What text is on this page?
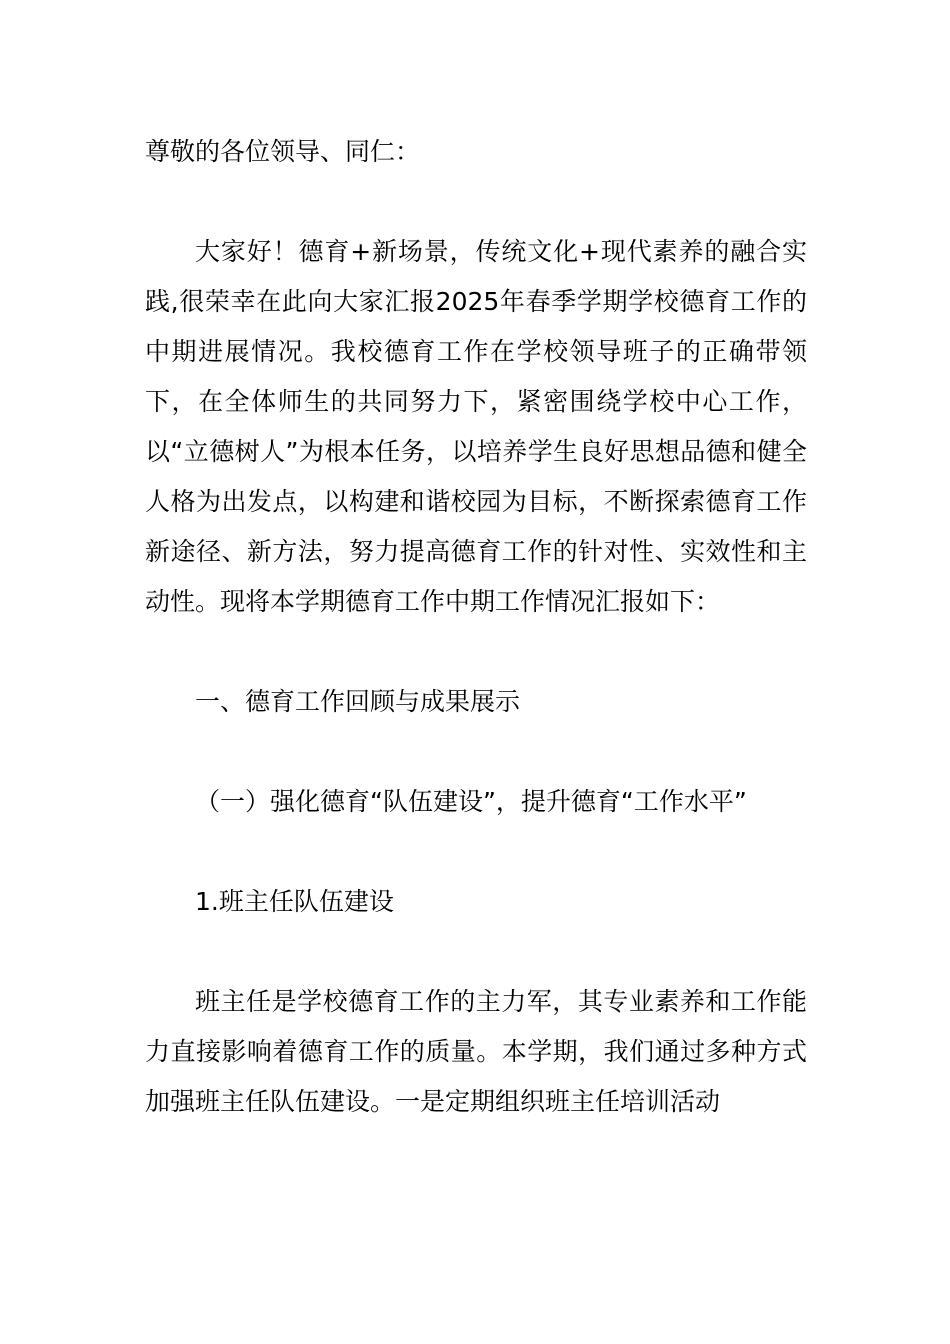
尊敬的各位领导、同仁：

大家好！德育+新场景，传统文化+现代素养的融合实践,很荣幸在此向大家汇报2025年春季学期学校德育工作的中期进展情况。我校德育工作在学校领导班子的正确带领下，在全体师生的共同努力下，紧密围绕学校中心工作，以“立德树人”为根本任务，以培养学生良好思想品德和健全人格为出发点，以构建和谐校园为目标，不断探索德育工作新途径、新方法，努力提高德育工作的针对性、实效性和主动性。现将本学期德育工作中期工作情况汇报如下：

一、德育工作回顾与成果展示

（一）强化德育“队伍建设”，提升德育“工作水平”

1.班主任队伍建设

班主任是学校德育工作的主力军，其专业素养和工作能力直接影响着德育工作的质量。本学期，我们通过多种方式加强班主任队伍建设。一是定期组织班主任培训活动
